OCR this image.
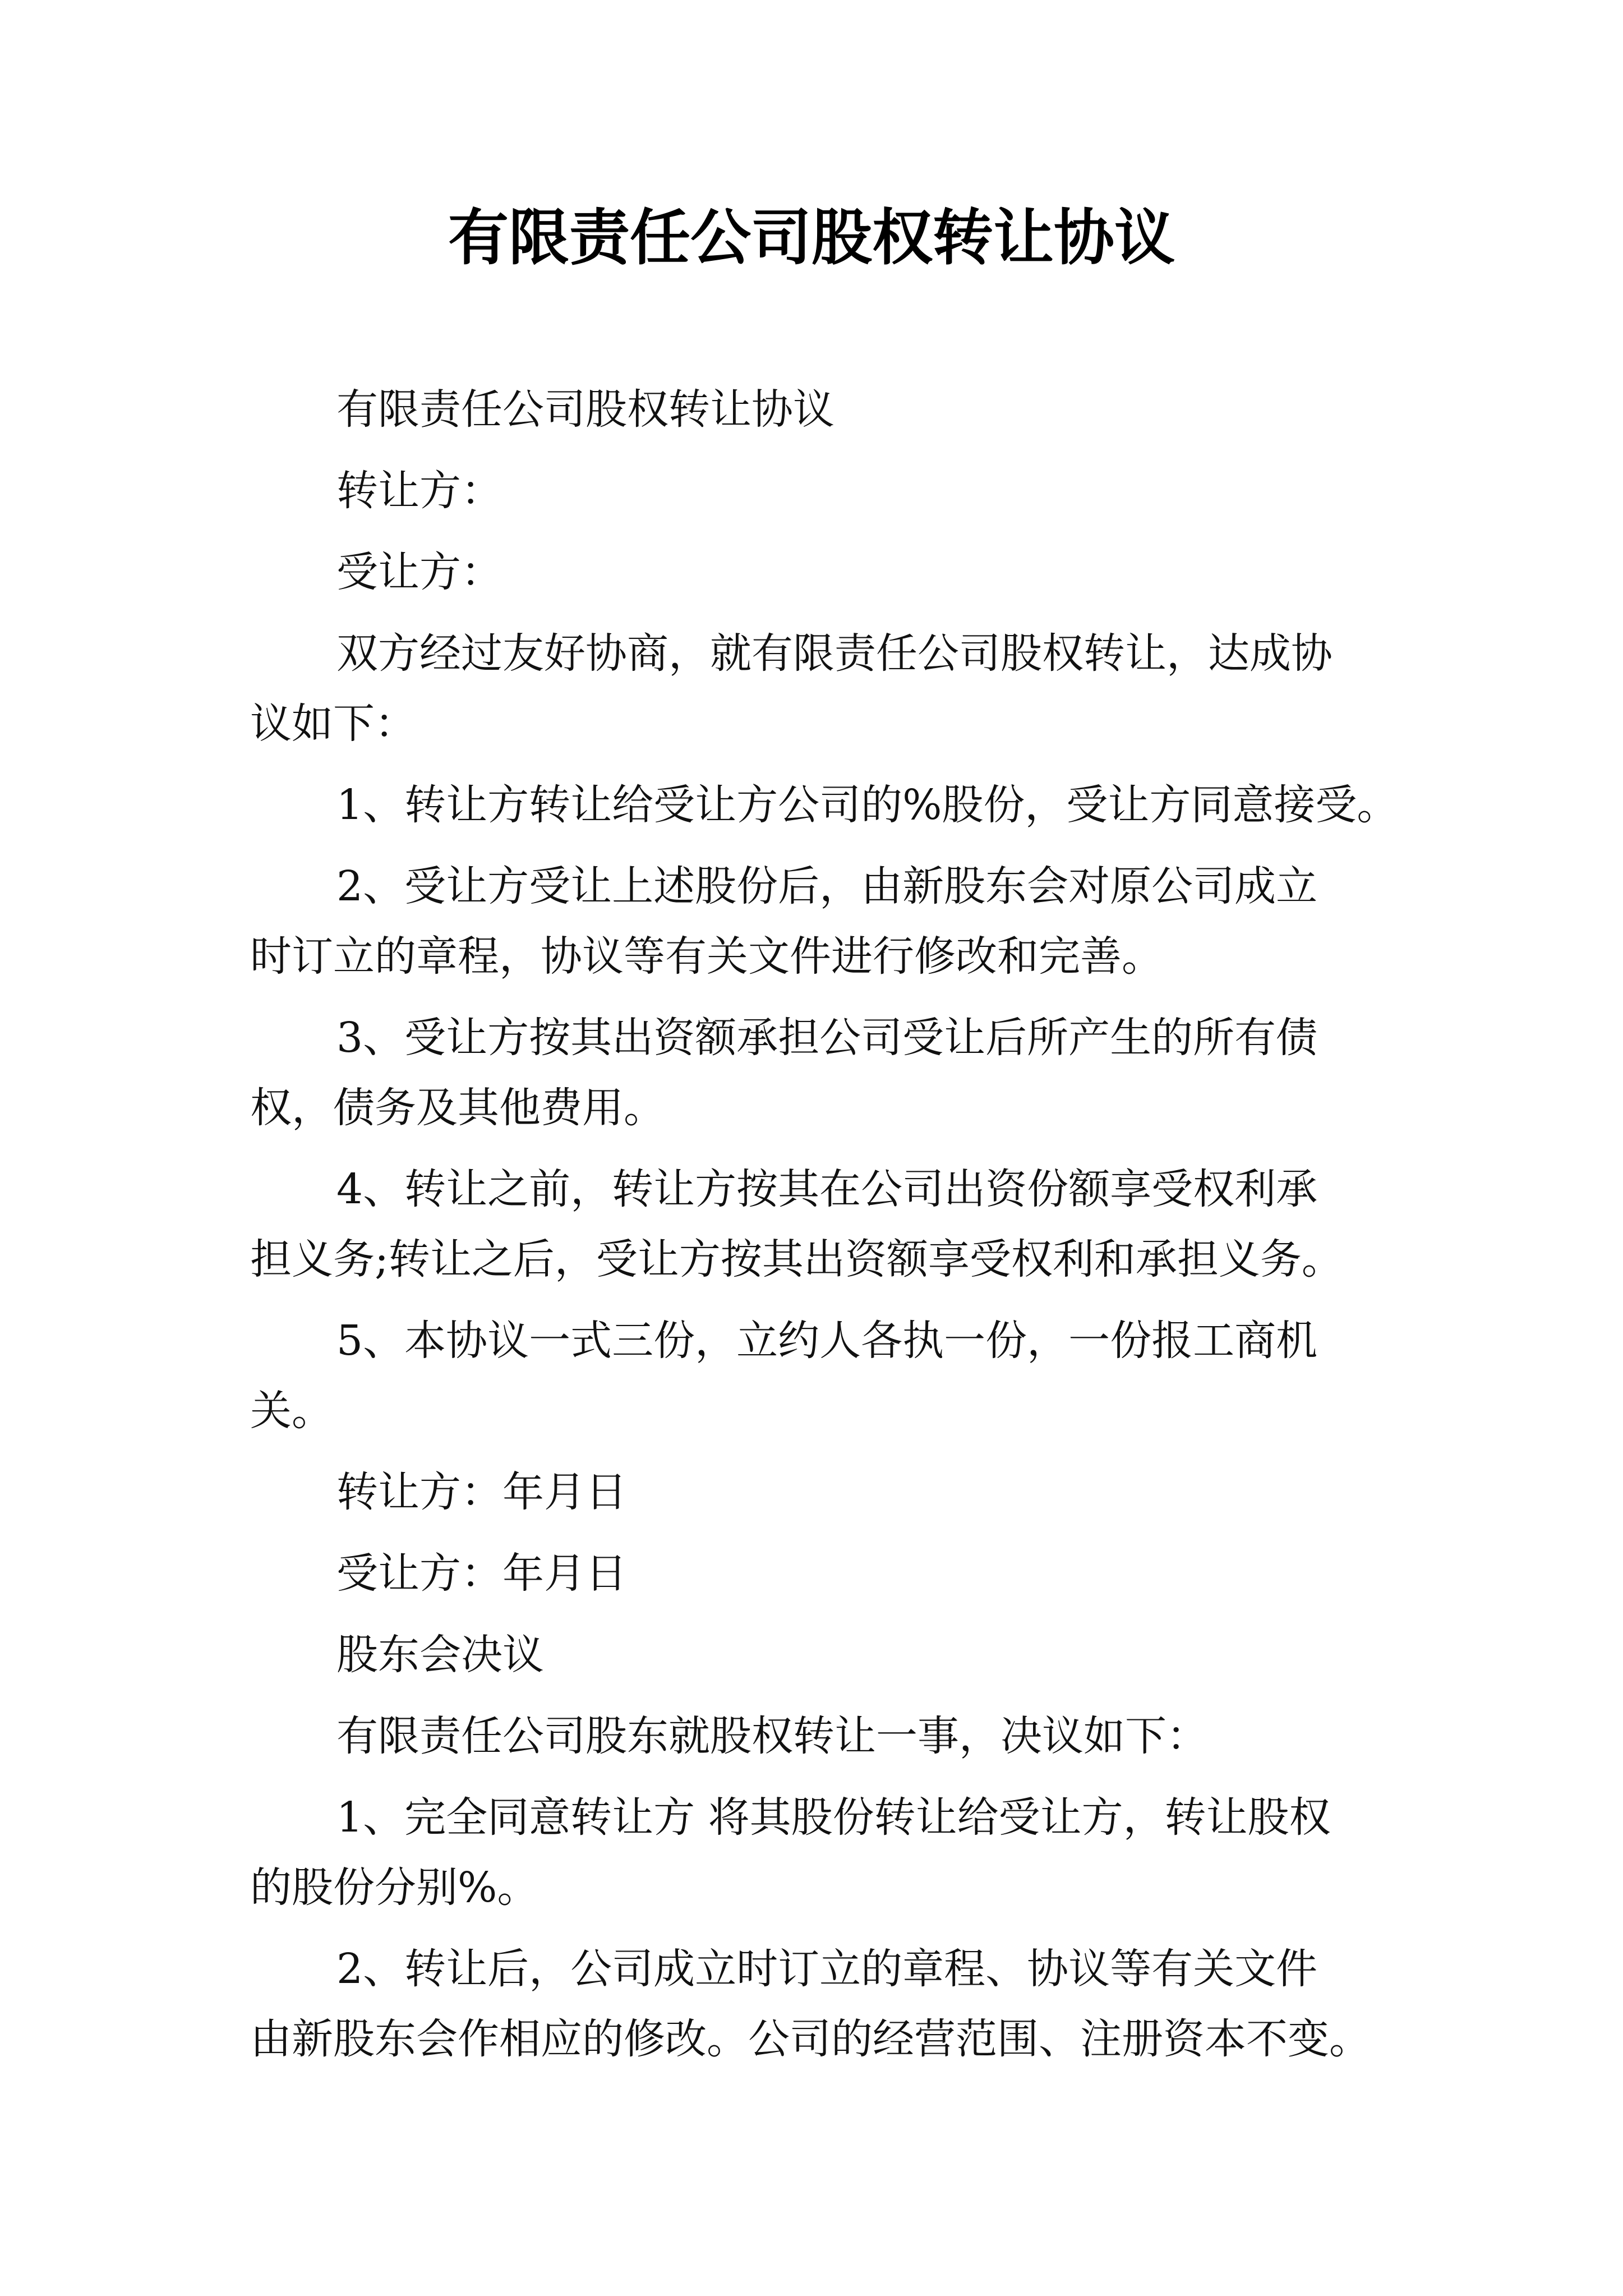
有限责任公司股权转让协议
有限责任公司股权转让协议
转让方：
受让方：
双方经过友好协商，就有限责任公司股权转让，达成协
议如下：
1、转让方转让给受让方公司的%股份，受让方同意接受。
2、受让方受让上述股份后，由新股东会对原公司成立
时订立的章程，协议等有关文件进行修改和完善。
3、受让方按其出资额承担公司受让后所产生的所有债
权，债务及其他费用。
4、转让之前，转让方按其在公司出资份额享受权利承
担义务;转让之后，受让方按其出资额享受权利和承担义务。
5、本协议一式三份，立约人各执一份，一份报工商机
关。
转让方：年月日
受让方：年月日
股东会决议
有限责任公司股东就股权转让一事，决议如下：
1、完全同意转让方 将其股份转让给受让方，转让股权
的股份分别%。
2、转让后，公司成立时订立的章程、协议等有关文件
由新股东会作相应的修改。公司的经营范围、注册资本不变。
